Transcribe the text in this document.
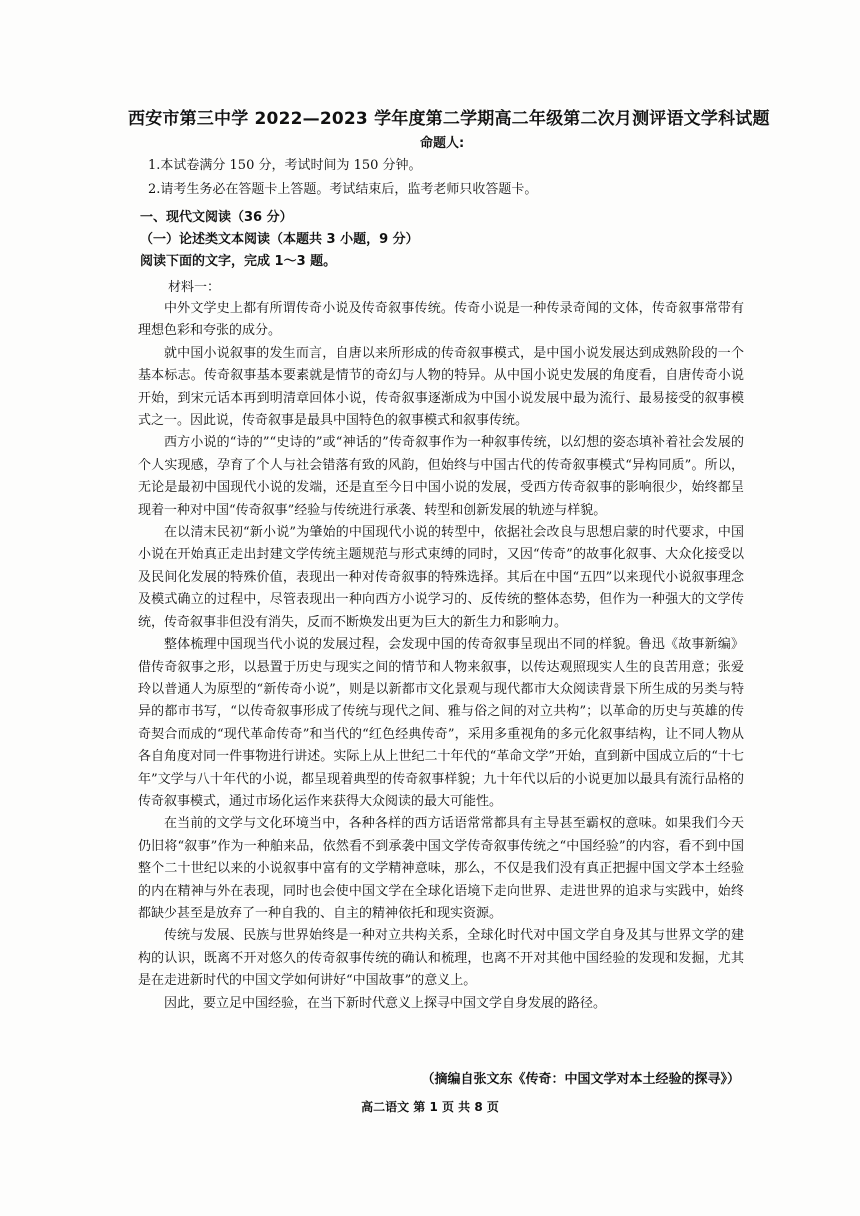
西安市第三中学 2022—2023 学年度第二学期高二年级第二次月测评语文学科试题
命题人:
1.本试卷满分 150 分，考试时间为 150 分钟。
2.请考生务必在答题卡上答题。考试结束后，监考老师只收答题卡。
一、现代文阅读（36 分）
（一）论述类文本阅读（本题共 3 小题，9 分）
阅读下面的文字，完成 1～3 题。
材料一：

中外文学史上都有所谓传奇小说及传奇叙事传统。传奇小说是一种传录奇闻的文体，传奇叙事常带有理想色彩和夸张的成分。

就中国小说叙事的发生而言，自唐以来所形成的传奇叙事模式，是中国小说发展达到成熟阶段的一个基本标志。传奇叙事基本要素就是情节的奇幻与人物的特异。从中国小说史发展的角度看，自唐传奇小说开始，到宋元话本再到明清章回体小说，传奇叙事逐渐成为中国小说发展中最为流行、最易接受的叙事模式之一。因此说，传奇叙事是最具中国特色的叙事模式和叙事传统。

西方小说的“诗的”“史诗的”或“神话的”传奇叙事作为一种叙事传统，以幻想的姿态填补着社会发展的个人实现感，孕育了个人与社会错落有致的风韵，但始终与中国古代的传奇叙事模式“异构同质”。所以，无论是最初中国现代小说的发端，还是直至今日中国小说的发展，受西方传奇叙事的影响很少，始终都呈现着一种对中国“传奇叙事”经验与传统进行承袭、转型和创新发展的轨迹与样貌。

在以清末民初“新小说”为肇始的中国现代小说的转型中，依据社会改良与思想启蒙的时代要求，中国小说在开始真正走出封建文学传统主题规范与形式束缚的同时，又因“传奇”的故事化叙事、大众化接受以及民间化发展的特殊价值，表现出一种对传奇叙事的特殊选择。其后在中国“五四”以来现代小说叙事理念及模式确立的过程中，尽管表现出一种向西方小说学习的、反传统的整体态势，但作为一种强大的文学传统，传奇叙事非但没有消失，反而不断焕发出更为巨大的新生力和影响力。

整体梳理中国现当代小说的发展过程，会发现中国的传奇叙事呈现出不同的样貌。鲁迅《故事新编》借传奇叙事之形，以悬置于历史与现实之间的情节和人物来叙事，以传达观照现实人生的良苦用意；张爱玲以普通人为原型的“新传奇小说”，则是以新都市文化景观与现代都市大众阅读背景下所生成的另类与特异的都市书写，“以传奇叙事形成了传统与现代之间、雅与俗之间的对立共构”；以革命的历史与英雄的传奇契合而成的“现代革命传奇”和当代的“红色经典传奇”，采用多重视角的多元化叙事结构，让不同人物从各自角度对同一件事物进行讲述。实际上从上世纪二十年代的“革命文学”开始，直到新中国成立后的“十七年”文学与八十年代的小说，都呈现着典型的传奇叙事样貌；九十年代以后的小说更加以最具有流行品格的传奇叙事模式，通过市场化运作来获得大众阅读的最大可能性。

在当前的文学与文化环境当中，各种各样的西方话语常常都具有主导甚至霸权的意味。如果我们今天仍旧将“叙事”作为一种舶来品，依然看不到承袭中国文学传奇叙事传统之“中国经验”的内容，看不到中国整个二十世纪以来的小说叙事中富有的文学精神意味，那么，不仅是我们没有真正把握中国文学本土经验的内在精神与外在表现，同时也会使中国文学在全球化语境下走向世界、走进世界的追求与实践中，始终都缺少甚至是放弃了一种自我的、自主的精神依托和现实资源。

传统与发展、民族与世界始终是一种对立共构关系，全球化时代对中国文学自身及其与世界文学的建构的认识，既离不开对悠久的传奇叙事传统的确认和梳理，也离不开对其他中国经验的发现和发掘，尤其是在走进新时代的中国文学如何讲好“中国故事”的意义上。

因此，要立足中国经验，在当下新时代意义上探寻中国文学自身发展的路径。

（摘编自张文东《传奇：中国文学对本土经验的探寻》）
高二语文 第 1 页 共 8 页
